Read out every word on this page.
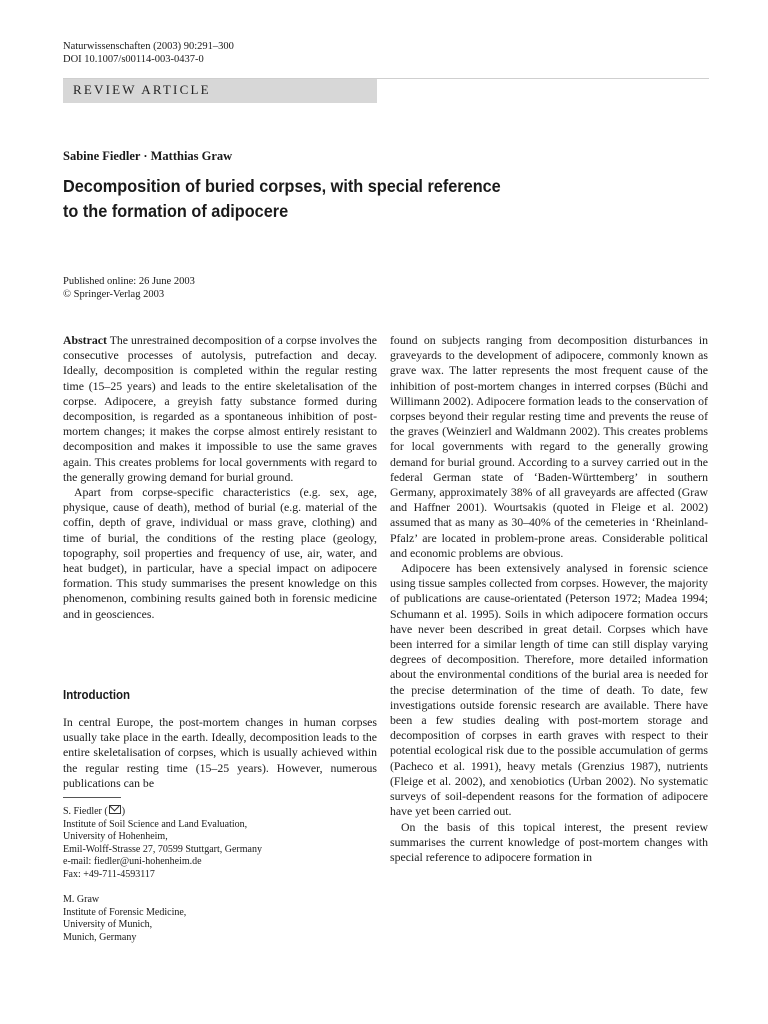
Naturwissenschaften (2003) 90:291–300
DOI 10.1007/s00114-003-0437-0
REVIEW ARTICLE
Sabine Fiedler · Matthias Graw
Decomposition of buried corpses, with special reference
to the formation of adipocere
Published online: 26 June 2003
© Springer-Verlag 2003

Abstract The unrestrained decomposition of a corpse involves the consecutive processes of autolysis, putrefaction and decay. Ideally, decomposition is completed within the regular resting time (15–25 years) and leads to the entire skeletalisation of the corpse. Adipocere, a greyish fatty substance formed during decomposition, is regarded as a spontaneous inhibition of post-mortem changes; it makes the corpse almost entirely resistant to decomposition and makes it impossible to use the same graves again. This creates problems for local governments with regard to the generally growing demand for burial ground.

Apart from corpse-specific characteristics (e.g. sex, age, physique, cause of death), method of burial (e.g. material of the coffin, depth of grave, individual or mass grave, clothing) and time of burial, the conditions of the resting place (geology, topography, soil properties and frequency of use, air, water, and heat budget), in particular, have a special impact on adipocere formation. This study summarises the present knowledge on this phenomenon, combining results gained both in forensic medicine and in geosciences.

Introduction

In central Europe, the post-mortem changes in human corpses usually take place in the earth. Ideally, decomposition leads to the entire skeletalisation of corpses, which is usually achieved within the regular resting time (15–25 years). However, numerous publications can be

S. Fiedler ( )
Institute of Soil Science and Land Evaluation,
University of Hohenheim,
Emil-Wolff-Strasse 27, 70599 Stuttgart, Germany
e-mail: fiedler@uni-hohenheim.de
Fax: +49-711-4593117
M. Graw
Institute of Forensic Medicine,
University of Munich,
Munich, Germany

found on subjects ranging from decomposition disturbances in graveyards to the development of adipocere, commonly known as grave wax. The latter represents the most frequent cause of the inhibition of post-mortem changes in interred corpses (Büchi and Willimann 2002). Adipocere formation leads to the conservation of corpses beyond their regular resting time and prevents the reuse of the graves (Weinzierl and Waldmann 2002). This creates problems for local governments with regard to the generally growing demand for burial ground. According to a survey carried out in the federal German state of ‘Baden-Württemberg’ in southern Germany, approximately 38% of all graveyards are affected (Graw and Haffner 2001). Wourtsakis (quoted in Fleige et al. 2002) assumed that as many as 30–40% of the cemeteries in ‘Rheinland-Pfalz’ are located in problem-prone areas. Considerable political and economic problems are obvious.

Adipocere has been extensively analysed in forensic science using tissue samples collected from corpses. However, the majority of publications are cause-orientated (Peterson 1972; Madea 1994; Schumann et al. 1995). Soils in which adipocere formation occurs have never been described in great detail. Corpses which have been interred for a similar length of time can still display varying degrees of decomposition. Therefore, more detailed information about the environmental conditions of the burial area is needed for the precise determination of the time of death. To date, few investigations outside forensic research are available. There have been a few studies dealing with post-mortem storage and decomposition of corpses in earth graves with respect to their potential ecological risk due to the possible accumulation of germs (Pacheco et al. 1991), heavy metals (Grenzius 1987), nutrients (Fleige et al. 2002), and xenobiotics (Urban 2002). No systematic surveys of soil-dependent reasons for the formation of adipocere have yet been carried out.

On the basis of this topical interest, the present review summarises the current knowledge of post-mortem changes with special reference to adipocere formation in
